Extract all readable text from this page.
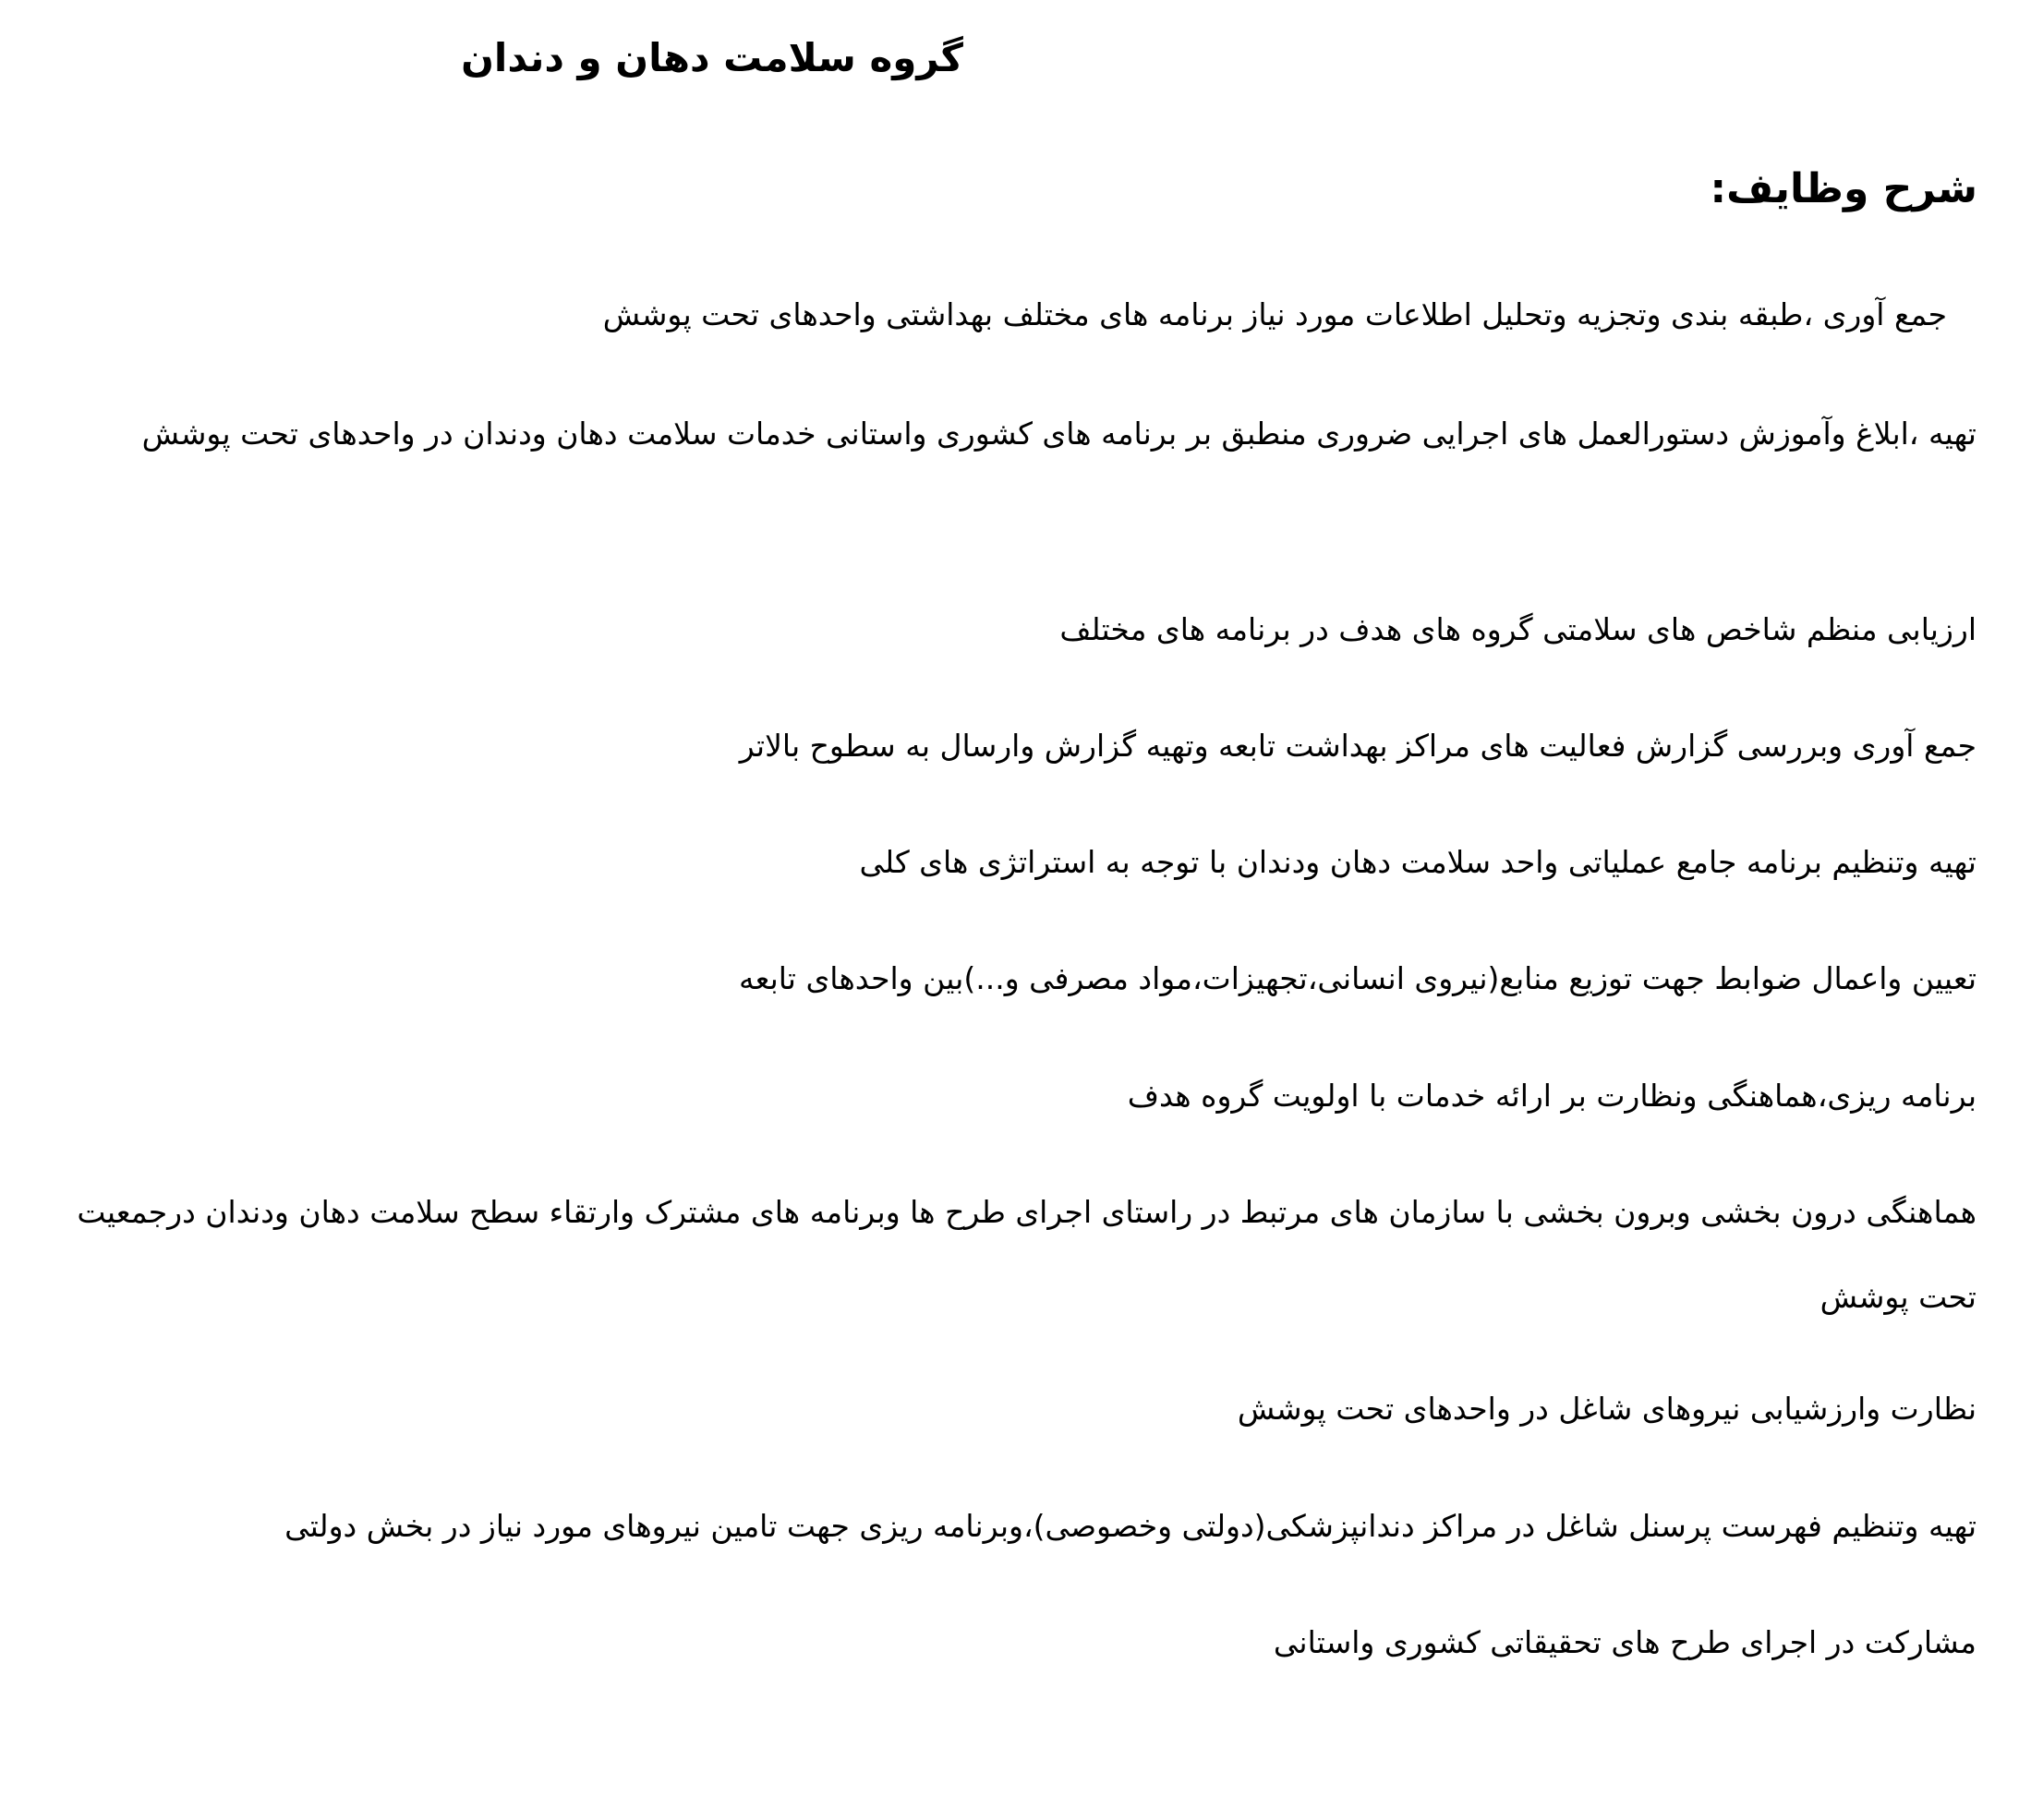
گروه سلامت دهان و دندان
شرح وظایف:

جمع آوری ،طبقه بندی وتجزیه وتحلیل اطلاعات مورد نیاز برنامه های مختلف بهداشتی واحدهای تحت پوشش

تهیه ،ابلاغ وآموزش دستورالعمل های اجرایی ضروری منطبق بر برنامه های کشوری واستانی خدمات سلامت دهان ودندان در واحدهای تحت پوشش

ارزیابی منظم شاخص های سلامتی گروه های هدف در برنامه های مختلف

جمع آوری وبررسی گزارش فعالیت های مراکز بهداشت تابعه وتهیه گزارش وارسال به سطوح بالاتر

تهیه وتنظیم برنامه جامع عملیاتی واحد سلامت دهان ودندان با توجه به استراتژی های کلی

تعیین واعمال ضوابط جهت توزیع منابع(نیروی انسانی،تجهیزات،مواد مصرفی و...)بین واحدهای تابعه

برنامه ریزی،هماهنگی ونظارت بر ارائه خدمات با اولویت گروه هدف

هماهنگی درون بخشی وبرون بخشی با سازمان های مرتبط در راستای اجرای طرح ها وبرنامه های مشترک وارتقاء سطح سلامت دهان ودندان درجمعیت تحت پوشش

نظارت وارزشیابی نیروهای شاغل در واحدهای تحت پوشش

تهیه وتنظیم فهرست پرسنل شاغل در مراکز دندانپزشکی(دولتی وخصوصی)،وبرنامه ریزی جهت تامین نیروهای مورد نیاز در بخش دولتی

مشارکت در اجرای طرح های تحقیقاتی کشوری واستانی
